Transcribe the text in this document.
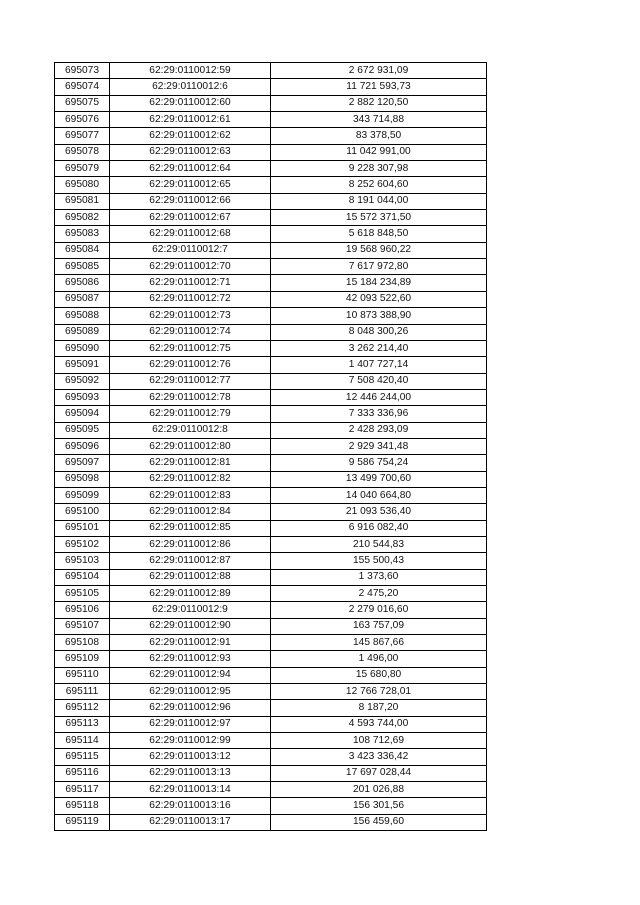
695073	62:29:0110012:59	2 672 931,09
695074	62:29:0110012:6	11 721 593,73
695075	62:29:0110012:60	2 882 120,50
695076	62:29:0110012:61	343 714,88
695077	62:29:0110012:62	83 378,50
695078	62:29:0110012:63	11 042 991,00
695079	62:29:0110012:64	9 228 307,98
695080	62:29:0110012:65	8 252 604,60
695081	62:29:0110012:66	8 191 044,00
695082	62:29:0110012:67	15 572 371,50
695083	62:29:0110012:68	5 618 848,50
695084	62:29:0110012:7	19 568 960,22
695085	62:29:0110012:70	7 617 972,80
695086	62:29:0110012:71	15 184 234,89
695087	62:29:0110012:72	42 093 522,60
695088	62:29:0110012:73	10 873 388,90
695089	62:29:0110012:74	8 048 300,26
695090	62:29:0110012:75	3 262 214,40
695091	62:29:0110012:76	1 407 727,14
695092	62:29:0110012:77	7 508 420,40
695093	62:29:0110012:78	12 446 244,00
695094	62:29:0110012:79	7 333 336,96
695095	62:29:0110012:8	2 428 293,09
695096	62:29:0110012:80	2 929 341,48
695097	62:29:0110012:81	9 586 754,24
695098	62:29:0110012:82	13 499 700,60
695099	62:29:0110012:83	14 040 664,80
695100	62:29:0110012:84	21 093 536,40
695101	62:29:0110012:85	6 916 082,40
695102	62:29:0110012:86	210 544,83
695103	62:29:0110012:87	155 500,43
695104	62:29:0110012:88	1 373,60
695105	62:29:0110012:89	2 475,20
695106	62:29:0110012:9	2 279 016,60
695107	62:29:0110012:90	163 757,09
695108	62:29:0110012:91	145 867,66
695109	62:29:0110012:93	1 496,00
695110	62:29:0110012:94	15 680,80
695111	62:29:0110012:95	12 766 728,01
695112	62:29:0110012:96	8 187,20
695113	62:29:0110012:97	4 593 744,00
695114	62:29:0110012:99	108 712,69
695115	62:29:0110013:12	3 423 336,42
695116	62:29:0110013:13	17 697 028,44
695117	62:29:0110013:14	201 026,88
695118	62:29:0110013:16	156 301,56
695119	62:29:0110013:17	156 459,60
